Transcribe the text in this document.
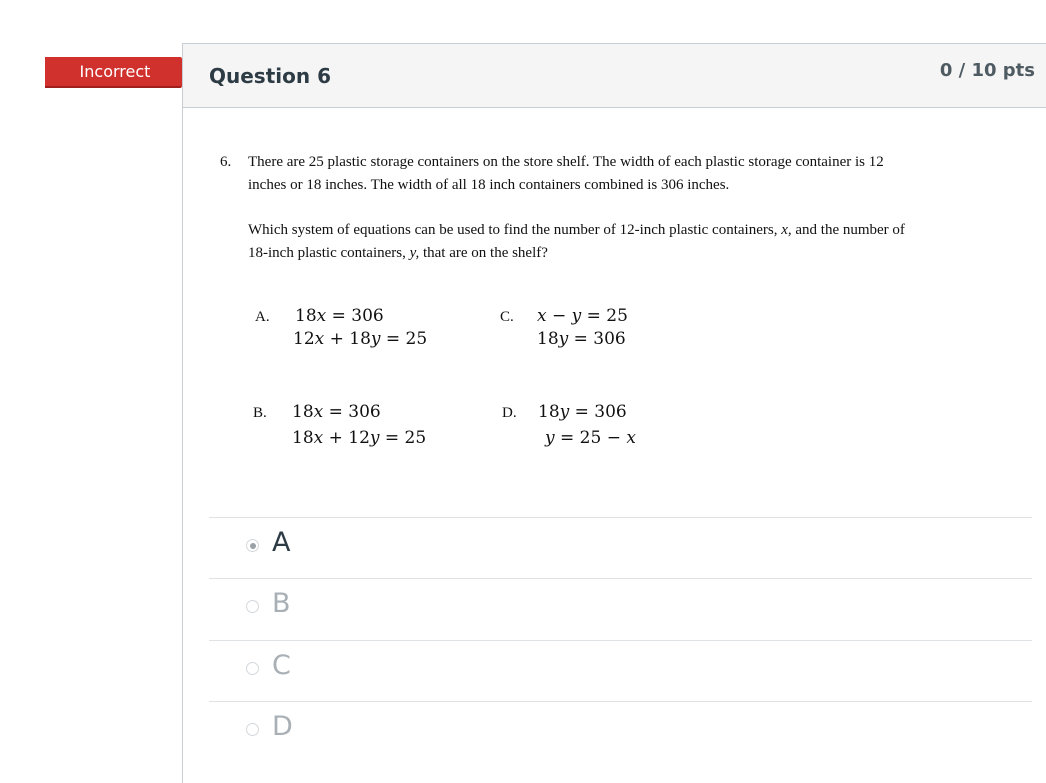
Incorrect	Question 6	0 / 10 pts
6. There are 25 plastic storage containers on the store shelf. The width of each plastic storage container is 12
inches or 18 inches. The width of all 18 inch containers combined is 306 inches.
Which system of equations can be used to find the number of 12-inch plastic containers, x, and the number of
18-inch plastic containers, y, that are on the shelf?
A. 18𝑥 = 306
12𝑥 + 18𝑦 = 25
C. 𝑥 − 𝑦 = 25
18𝑦 = 306
B. 18𝑥 = 306
18𝑥 + 12𝑦 = 25
D. 18𝑦 = 306
𝑦 = 25 − 𝑥
A
B
C
D
